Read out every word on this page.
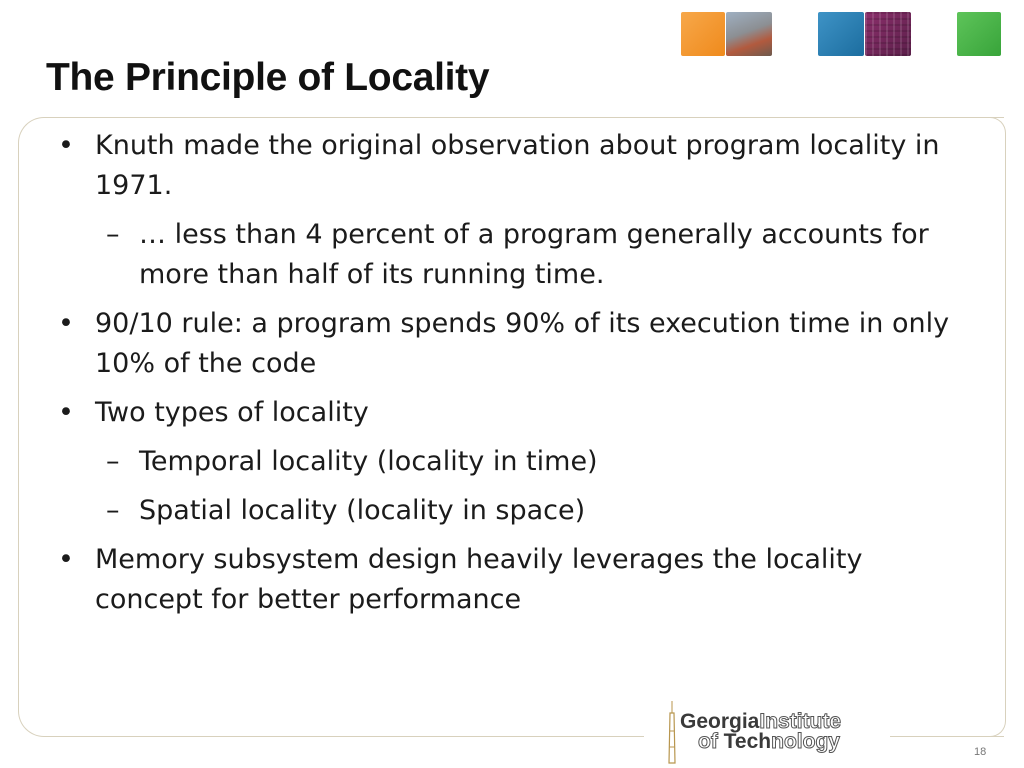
The Principle of Locality

• Knuth made the original observation about program locality in 1971.

– … less than 4 percent of a program generally accounts for more than half of its running time.

• 90/10 rule: a program spends 90% of its execution time in only 10% of the code

• Two types of locality

– Temporal locality (locality in time)

– Spatial locality (locality in space)

• Memory subsystem design heavily leverages the locality concept for better performance

GeorgiaInstitute
of Technology	18
